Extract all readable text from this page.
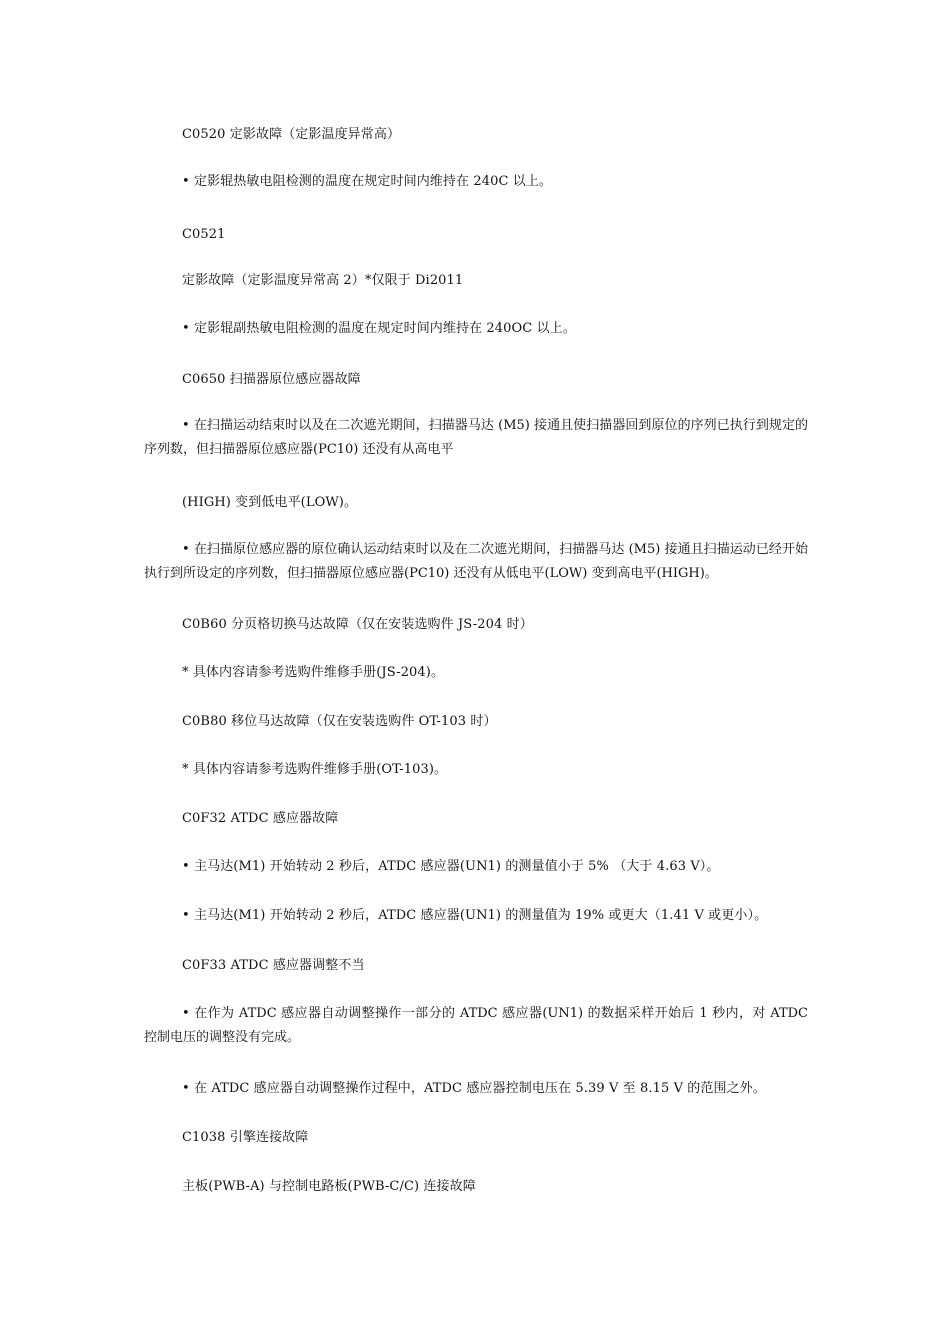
C0520 定影故障（定影温度异常高）
• 定影辊热敏电阻检测的温度在规定时间内维持在 240C 以上。
C0521
定影故障（定影温度异常高 2）*仅限于 Di2011
• 定影辊副热敏电阻检测的温度在规定时间内维持在 240OC 以上。
C0650 扫描器原位感应器故障
• 在扫描运动结束时以及在二次遮光期间，扫描器马达 (M5) 接通且使扫描器回到原位的序列已执行到规定的序列数，但扫描器原位感应器(PC10) 还没有从高电平
(HIGH) 变到低电平(LOW)。
• 在扫描原位感应器的原位确认运动结束时以及在二次遮光期间，扫描器马达 (M5) 接通且扫描运动已经开始执行到所设定的序列数，但扫描器原位感应器(PC10) 还没有从低电平(LOW) 变到高电平(HIGH)。
C0B60 分页格切换马达故障（仅在安装选购件 JS-204 时）
* 具体内容请参考选购件维修手册(JS-204)。
C0B80 移位马达故障（仅在安装选购件 OT-103 时）
* 具体内容请参考选购件维修手册(OT-103)。
C0F32 ATDC 感应器故障
• 主马达(M1) 开始转动 2 秒后，ATDC 感应器(UN1) 的测量值小于 5% （大于 4.63 V）。
• 主马达(M1) 开始转动 2 秒后，ATDC 感应器(UN1) 的测量值为 19% 或更大（1.41 V 或更小）。
C0F33 ATDC 感应器调整不当
• 在作为 ATDC 感应器自动调整操作一部分的 ATDC 感应器(UN1) 的数据采样开始后 1 秒内，对 ATDC 控制电压的调整没有完成。
• 在 ATDC 感应器自动调整操作过程中，ATDC 感应器控制电压在 5.39 V 至 8.15 V 的范围之外。
C1038 引擎连接故障
主板(PWB-A) 与控制电路板(PWB-C/C) 连接故障
